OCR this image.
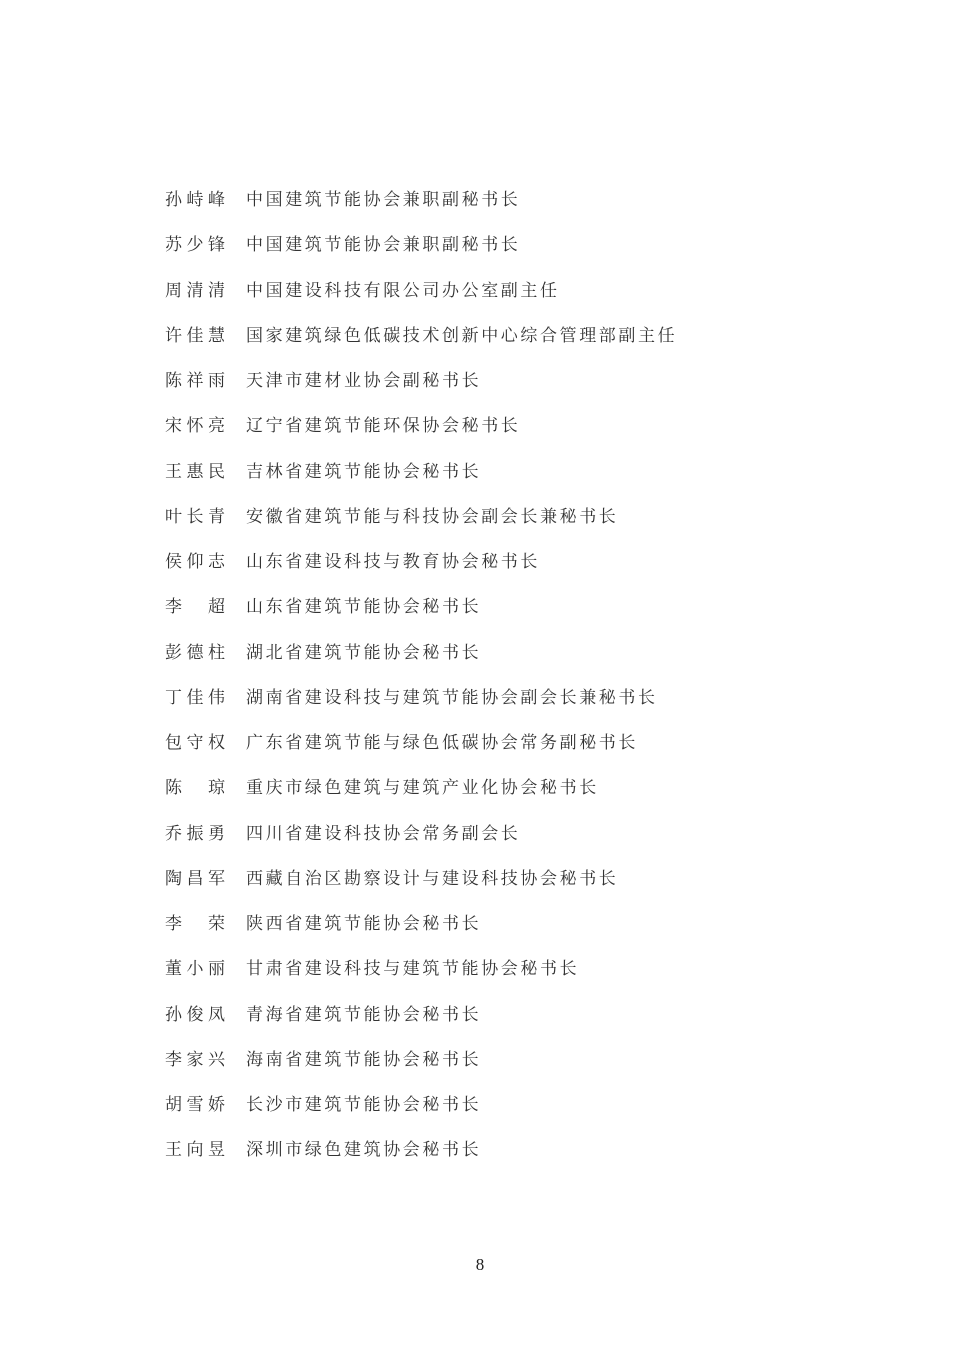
孙峙峰 中国建筑节能协会兼职副秘书长
苏少锋 中国建筑节能协会兼职副秘书长
周清清 中国建设科技有限公司办公室副主任
许佳慧 国家建筑绿色低碳技术创新中心综合管理部副主任
陈祥雨 天津市建材业协会副秘书长
宋怀亮 辽宁省建筑节能环保协会秘书长
王惠民 吉林省建筑节能协会秘书长
叶长青 安徽省建筑节能与科技协会副会长兼秘书长
侯仰志 山东省建设科技与教育协会秘书长
李　超 山东省建筑节能协会秘书长
彭德柱 湖北省建筑节能协会秘书长
丁佳伟 湖南省建设科技与建筑节能协会副会长兼秘书长
包守权 广东省建筑节能与绿色低碳协会常务副秘书长
陈　琼 重庆市绿色建筑与建筑产业化协会秘书长
乔振勇 四川省建设科技协会常务副会长
陶昌军 西藏自治区勘察设计与建设科技协会秘书长
李　荣 陕西省建筑节能协会秘书长
董小丽 甘肃省建设科技与建筑节能协会秘书长
孙俊凤 青海省建筑节能协会秘书长
李家兴 海南省建筑节能协会秘书长
胡雪娇 长沙市建筑节能协会秘书长
王向昱 深圳市绿色建筑协会秘书长
8
